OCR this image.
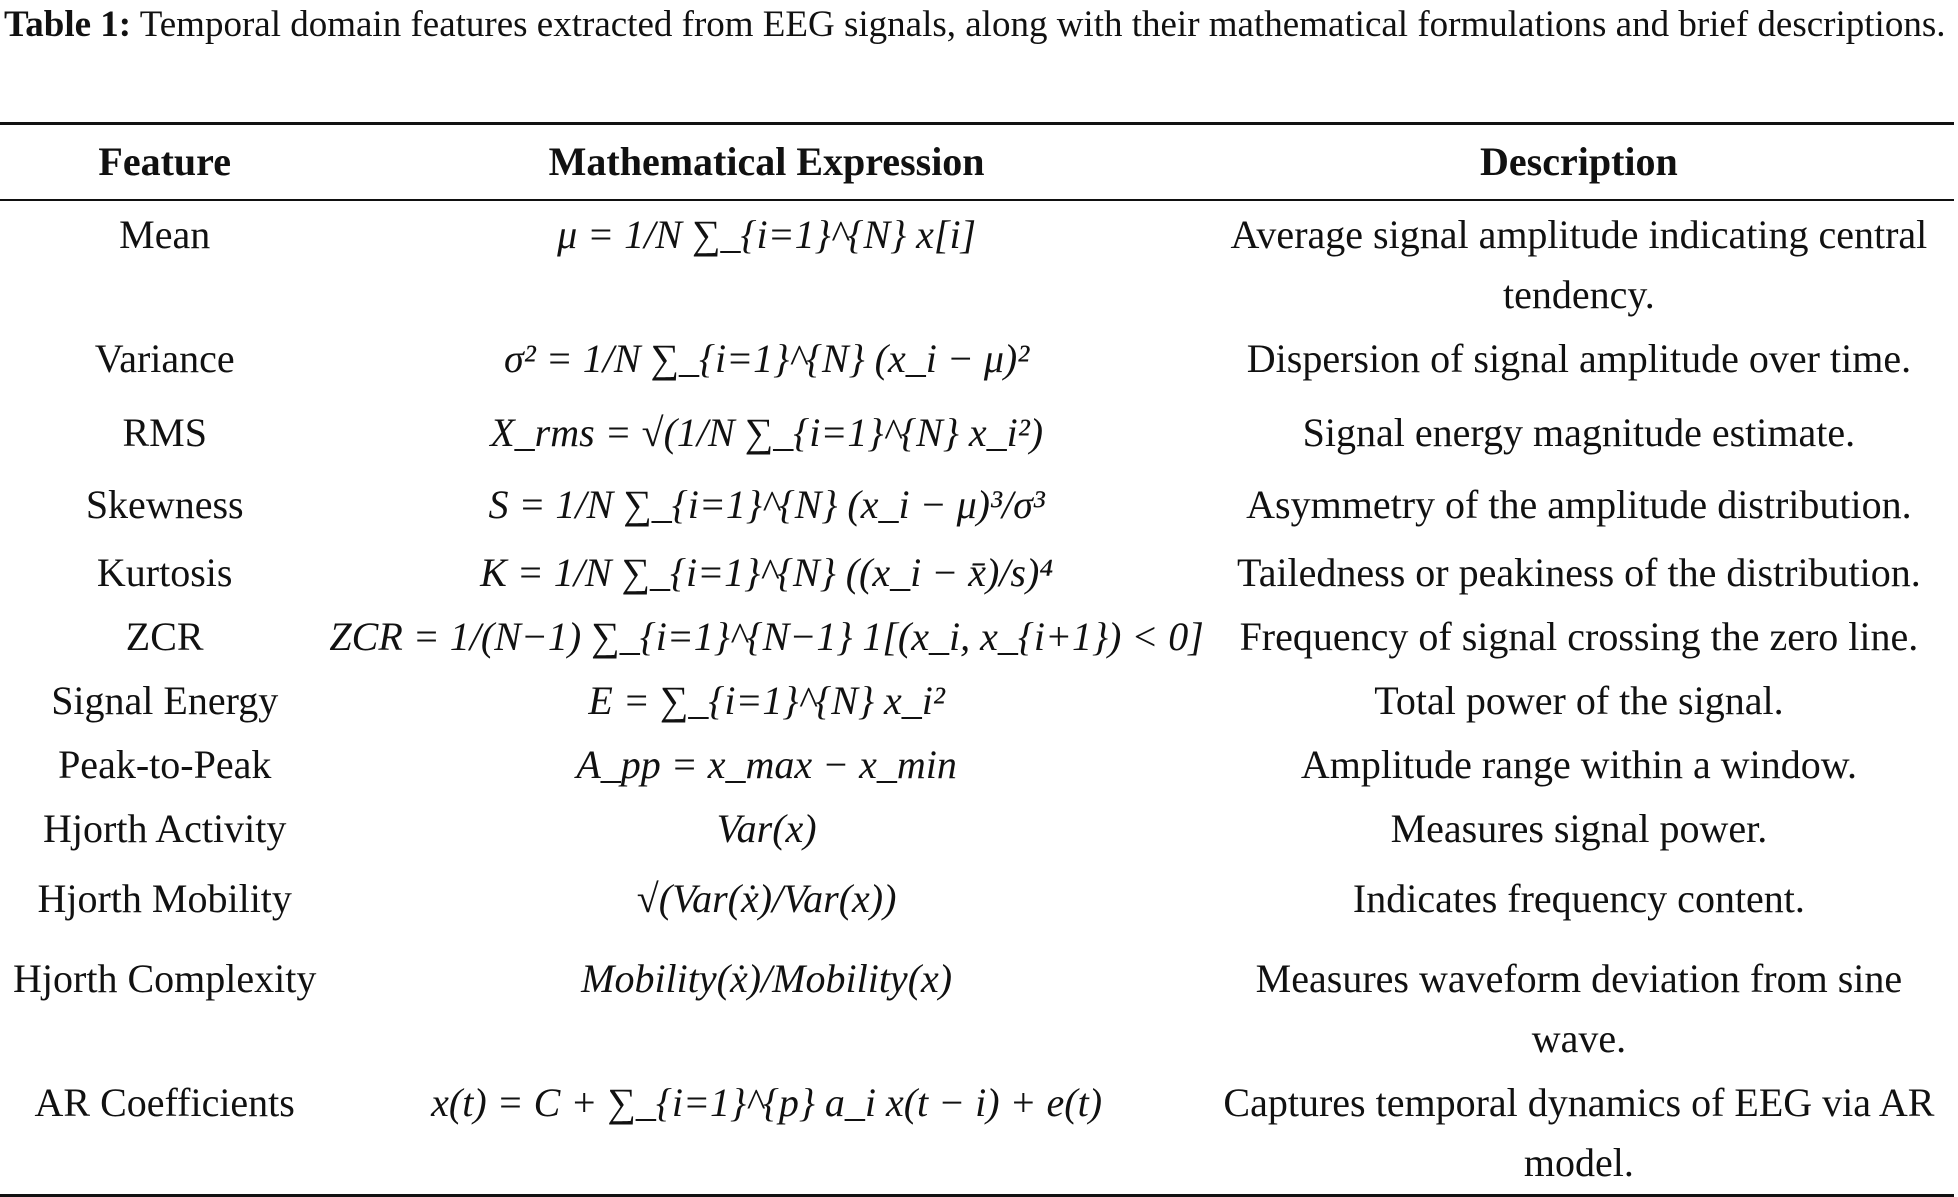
Table 1: Temporal domain features extracted from EEG signals, along with their mathematical formulations and brief descriptions.
Feature	Mathematical Expression	Description
Mean	μ = 1/N ∑_{i=1}^{N} x[i]	Average signal amplitude indicating central tendency.
Variance	σ² = 1/N ∑_{i=1}^{N} (x_i − μ)²	Dispersion of signal amplitude over time.
RMS	X_rms = √(1/N ∑_{i=1}^{N} x_i²)	Signal energy magnitude estimate.
Skewness	S = 1/N ∑_{i=1}^{N} (x_i − μ)³/σ³	Asymmetry of the amplitude distribution.
Kurtosis	K = 1/N ∑_{i=1}^{N} ((x_i − x̄)/s)⁴	Tailedness or peakiness of the distribution.
ZCR	ZCR = 1/(N−1) ∑_{i=1}^{N−1} 1[(x_i, x_{i+1}) < 0]	Frequency of signal crossing the zero line.
Signal Energy	E = ∑_{i=1}^{N} x_i²	Total power of the signal.
Peak-to-Peak	A_pp = x_max − x_min	Amplitude range within a window.
Hjorth Activity	Var(x)	Measures signal power.
Hjorth Mobility	√(Var(ẋ)/Var(x))	Indicates frequency content.
Hjorth Complexity	Mobility(ẋ)/Mobility(x)	Measures waveform deviation from sine wave.
AR Coefficients	x(t) = C + ∑_{i=1}^{p} a_i x(t − i) + e(t)	Captures temporal dynamics of EEG via AR model.
